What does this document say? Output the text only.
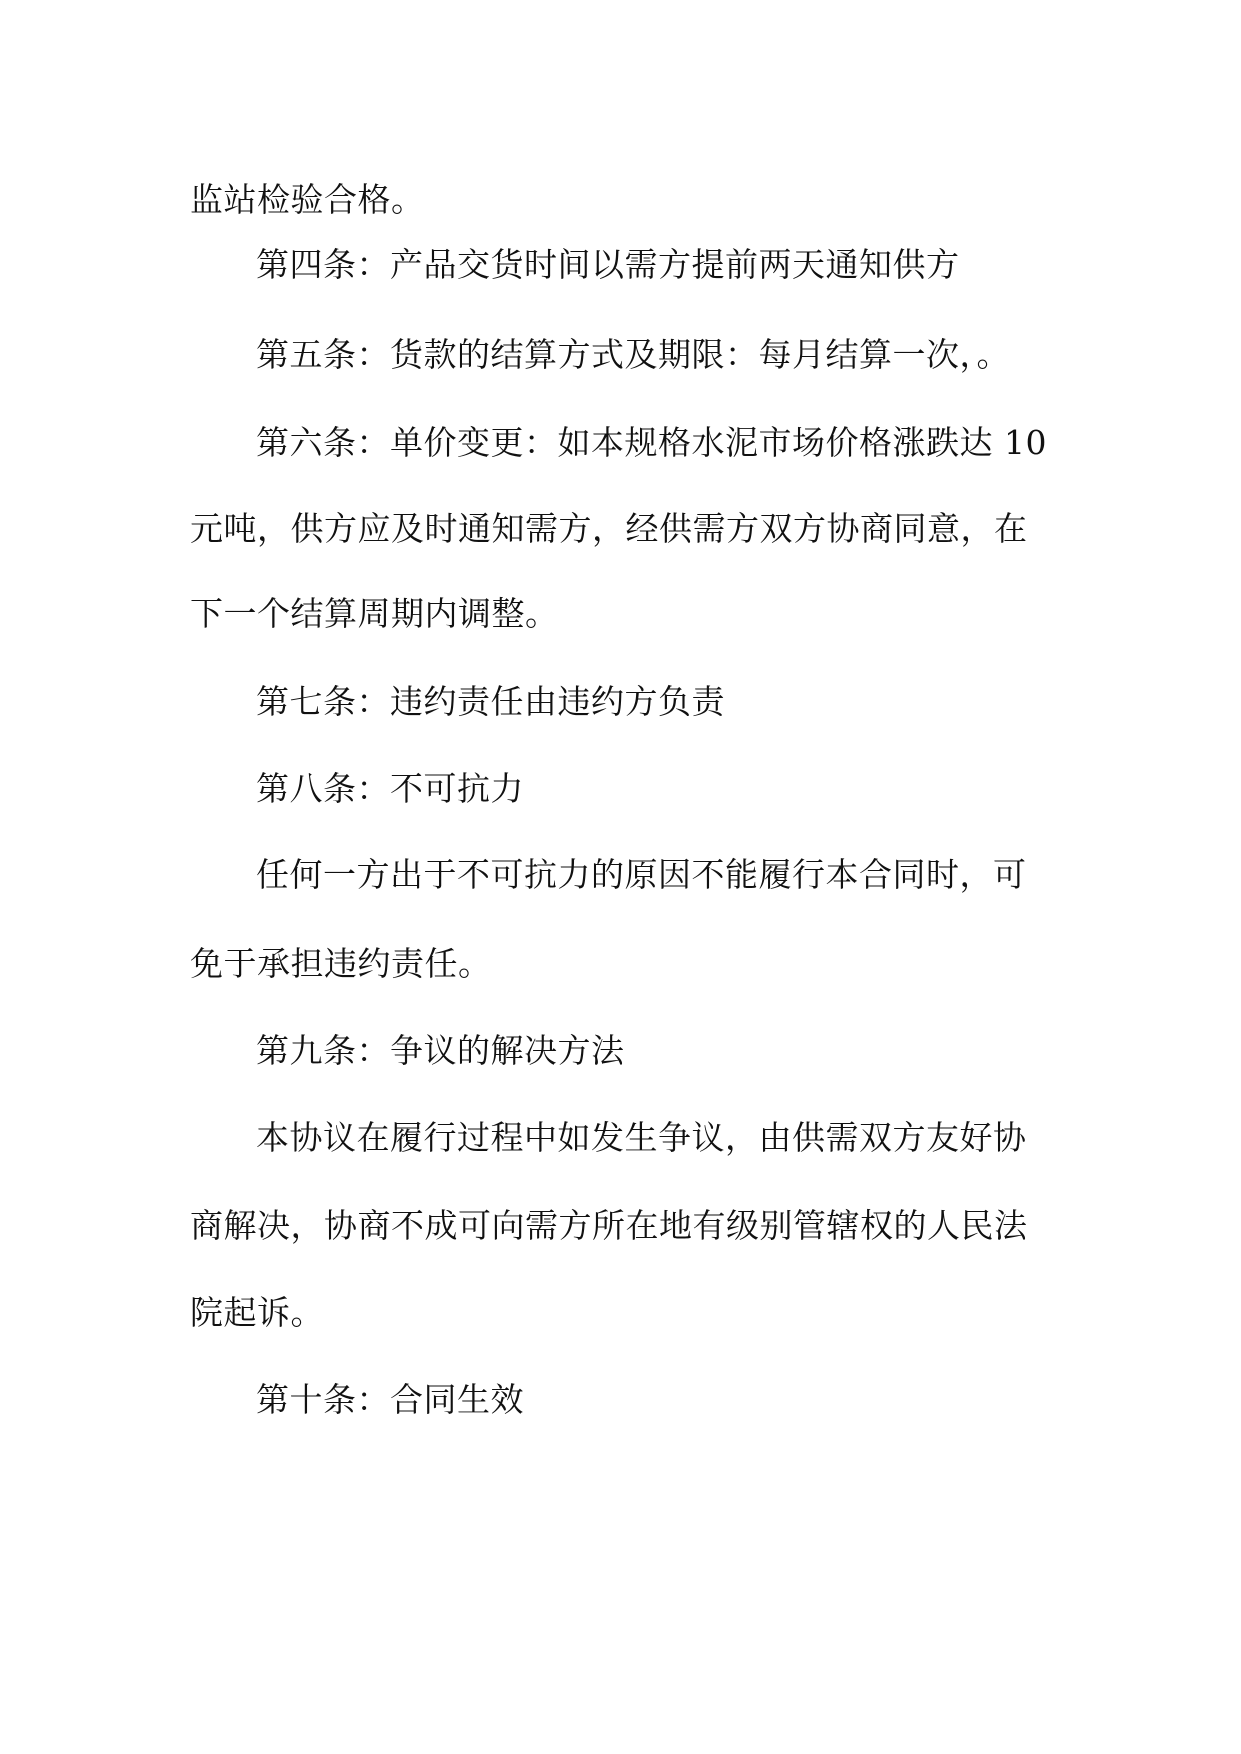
监站检验合格。
第四条：产品交货时间以需方提前两天通知供方
第五条：货款的结算方式及期限：每月结算一次，。
第六条：单价变更：如本规格水泥市场价格涨跌达 10
元吨，供方应及时通知需方，经供需方双方协商同意，在
下一个结算周期内调整。
第七条：违约责任由违约方负责
第八条：不可抗力
任何一方出于不可抗力的原因不能履行本合同时，可
免于承担违约责任。
第九条：争议的解决方法
本协议在履行过程中如发生争议，由供需双方友好协
商解决，协商不成可向需方所在地有级别管辖权的人民法
院起诉。
第十条：合同生效
